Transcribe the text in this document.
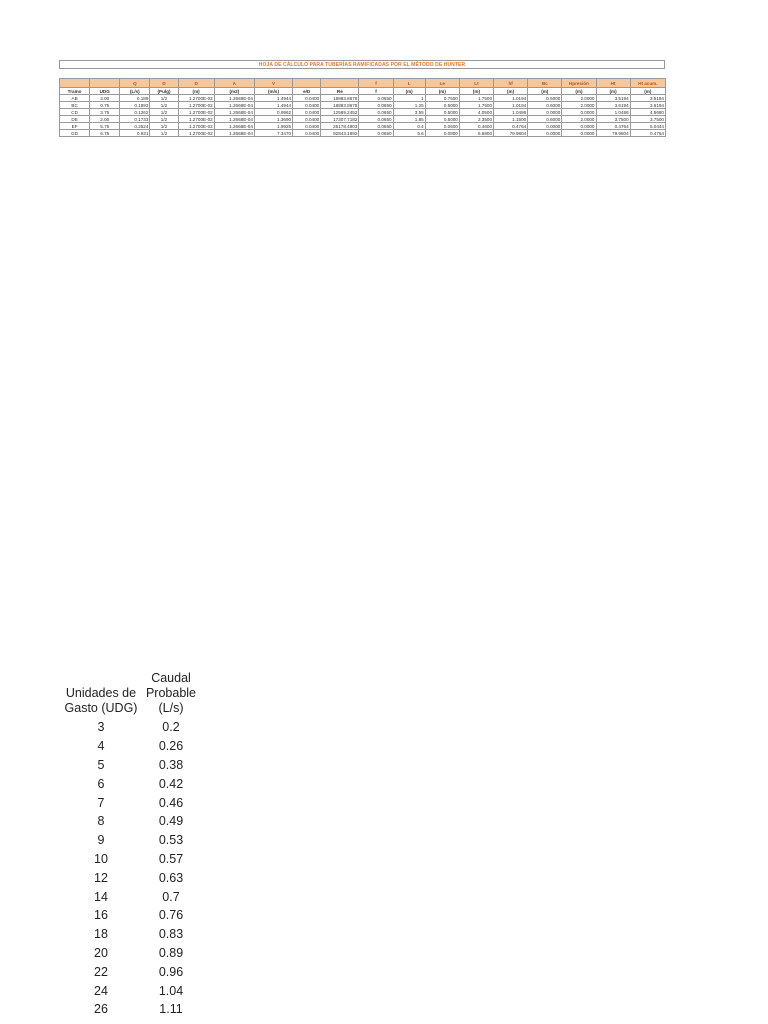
HOJA DE CÁLCULO PARA TUBERÍAS RAMIFICADAS POR EL MÉTODO DE HUNTER
		Q	D	D	A	V			f	L	Le	Lt	hf	Bc	Hpresión	Ht	Ht acum.
Tramo	UDG	(L/s)	(Pulg)	(m)	(m2)	(m/s)	e/D	Re	f	(m)	(m)	(m)	(m)	(m)	(m)	(m)	(m)
AB	3.00	0.189	1/2	1.2700E-02	1.2668E-04	1.4944	0.0400	18883.8678	0.0650	1	0.7500	1.7500	1.0194	0.5000	2.0000	3.5194	3.5194
BC	0.75	0.1893	1/2	1.2700E-02	1.2668E-04	1.4944	0.0400	18883.8678	0.0650	1.25	0.5000	1.7500	1.0194	0.6000	2.0000	3.6194	3.6194
CD	3.75	0.1262	1/2	1.2700E-02	1.2668E-04	0.9962	0.0400	12589.2452	0.0650	3.55	0.5000	4.0500	1.0486	0.0000	0.0000	1.0486	4.5680
DE	2.00	0.1733	1/2	1.2700E-02	1.2668E-04	1.3690	0.0400	17307.7182	0.0650	1.85	0.5000	2.3500	1.1500	0.6000	2.0000	3.7500	3.7500
EF	5.75	0.2524	1/2	1.2700E-02	1.2668E-04	1.9925	0.0400	25178.4903	0.0650	0.4	0.0600	0.4600	0.4764	0.0000	0.0000	0.4764	5.0444
GD	6.75	0.931	1/2	1.2700E-02	1.2668E-04	7.3470	0.0400	92843.1892	0.0650	5.6	0.0800	5.6800	79.9804	0.0000	0.0000	79.9804	0.4764
Unidades de Gasto (UDG)
Caudal Probable (L/s)
3	0.2
4	0.26
5	0.38
6	0.42
7	0.46
8	0.49
9	0.53
10	0.57
12	0.63
14	0.7
16	0.76
18	0.83
20	0.89
22	0.96
24	1.04
26	1.11
